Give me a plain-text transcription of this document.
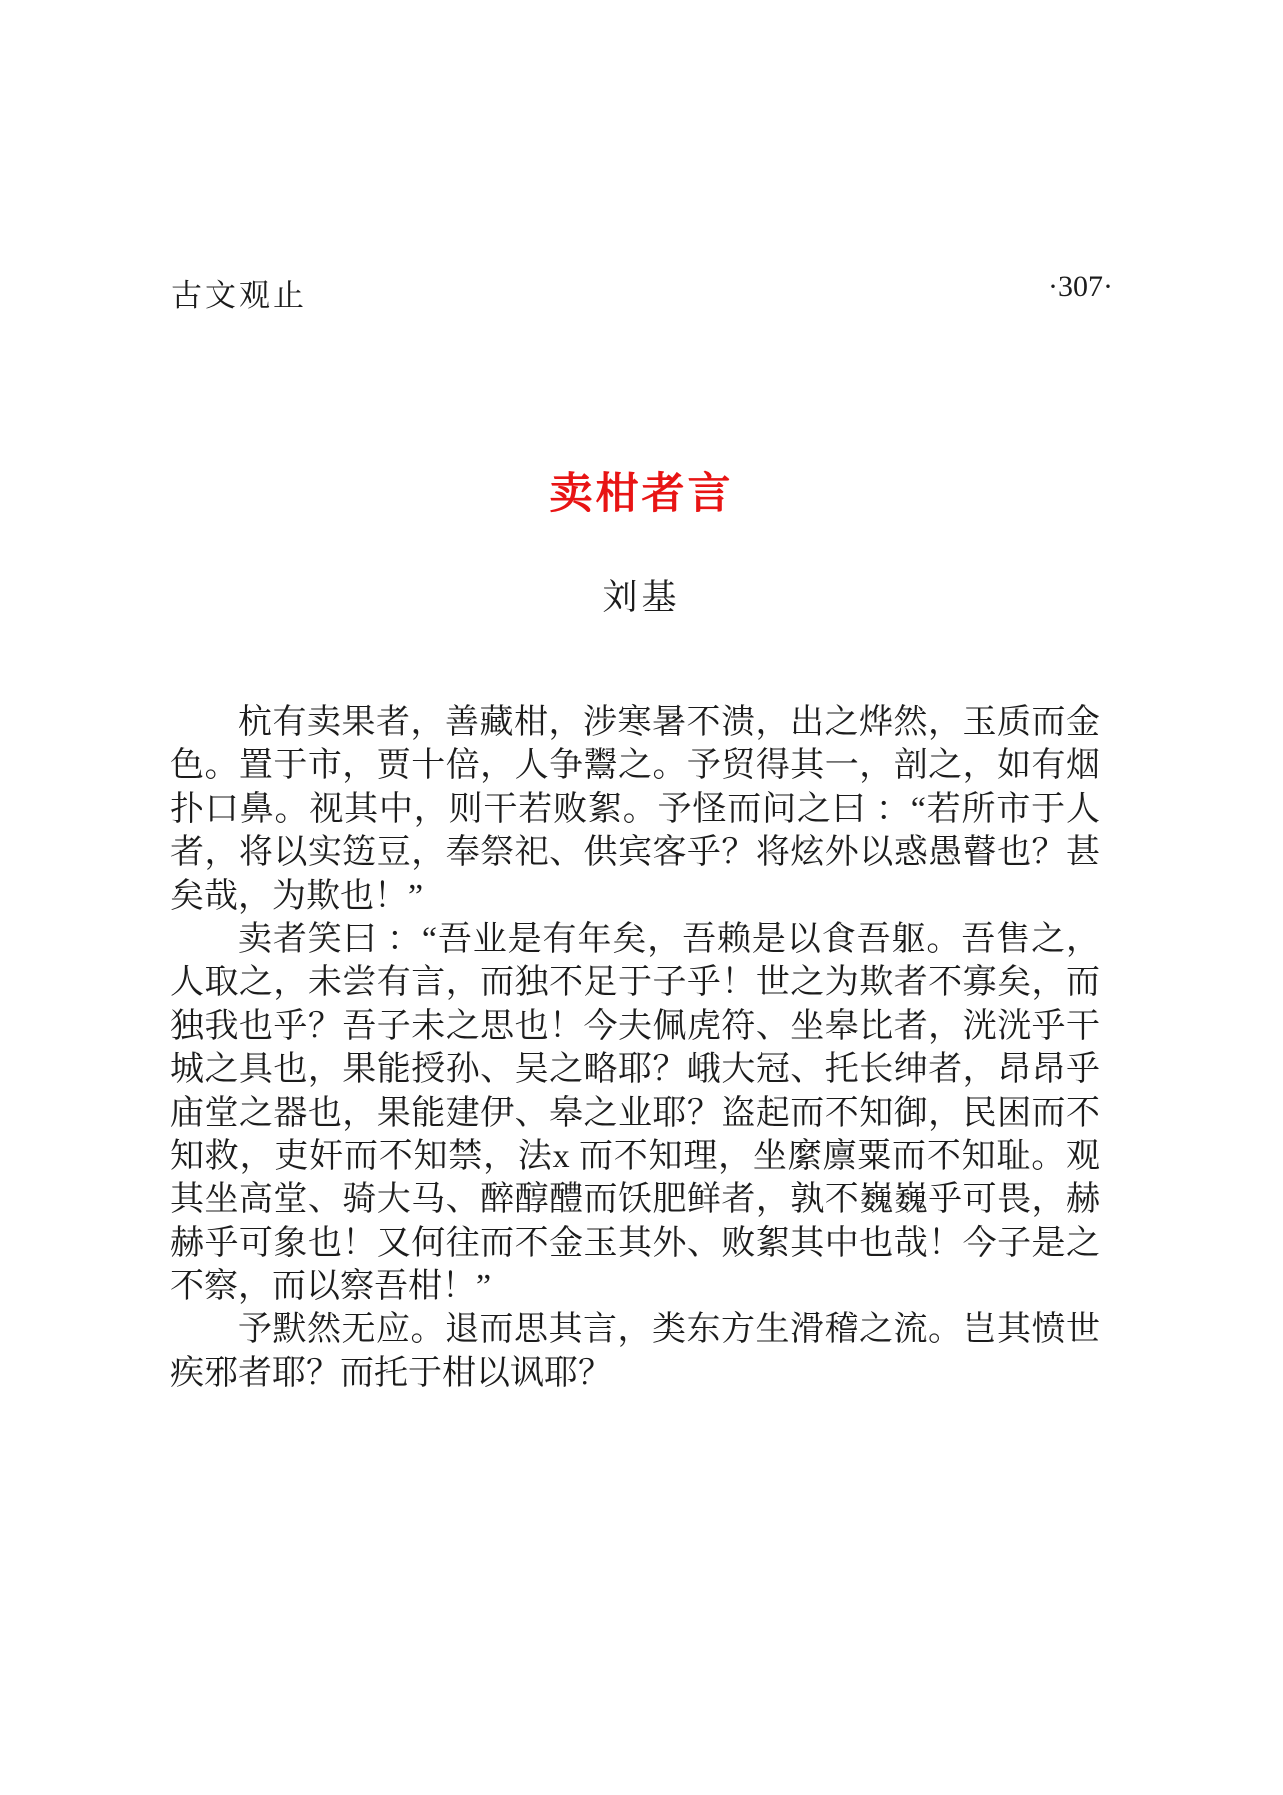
古文观止	·307·
卖柑者言
刘基
杭有卖果者，善藏柑，涉寒暑不溃，出之烨然，玉质而金
色。置于市，贾十倍，人争鬻之。予贸得其一，剖之，如有烟
扑口鼻。视其中，则干若败絮。予怪而问之曰 ：“若所市于人
者，将以实笾豆，奉祭祀、供宾客乎？将炫外以惑愚瞽也？甚
矣哉，为欺也！”
卖者笑曰 ：“吾业是有年矣，吾赖是以食吾躯。吾售之，
人取之，未尝有言，而独不足于子乎！世之为欺者不寡矣，而
独我也乎？吾子未之思也！今夫佩虎符、坐皋比者，洸洸乎干
城之具也，果能授孙、吴之略耶？峨大冠、托长绅者，昂昂乎
庙堂之器也，果能建伊、皋之业耶？盗起而不知御，民困而不
知救，吏奸而不知禁，法x 而不知理，坐縻廪粟而不知耻。观
其坐高堂、骑大马、醉醇醴而饫肥鲜者，孰不巍巍乎可畏，赫
赫乎可象也！又何往而不金玉其外、败絮其中也哉！今子是之
不察，而以察吾柑！”
予默然无应。退而思其言，类东方生滑稽之流。岂其愤世
疾邪者耶？而托于柑以讽耶？
